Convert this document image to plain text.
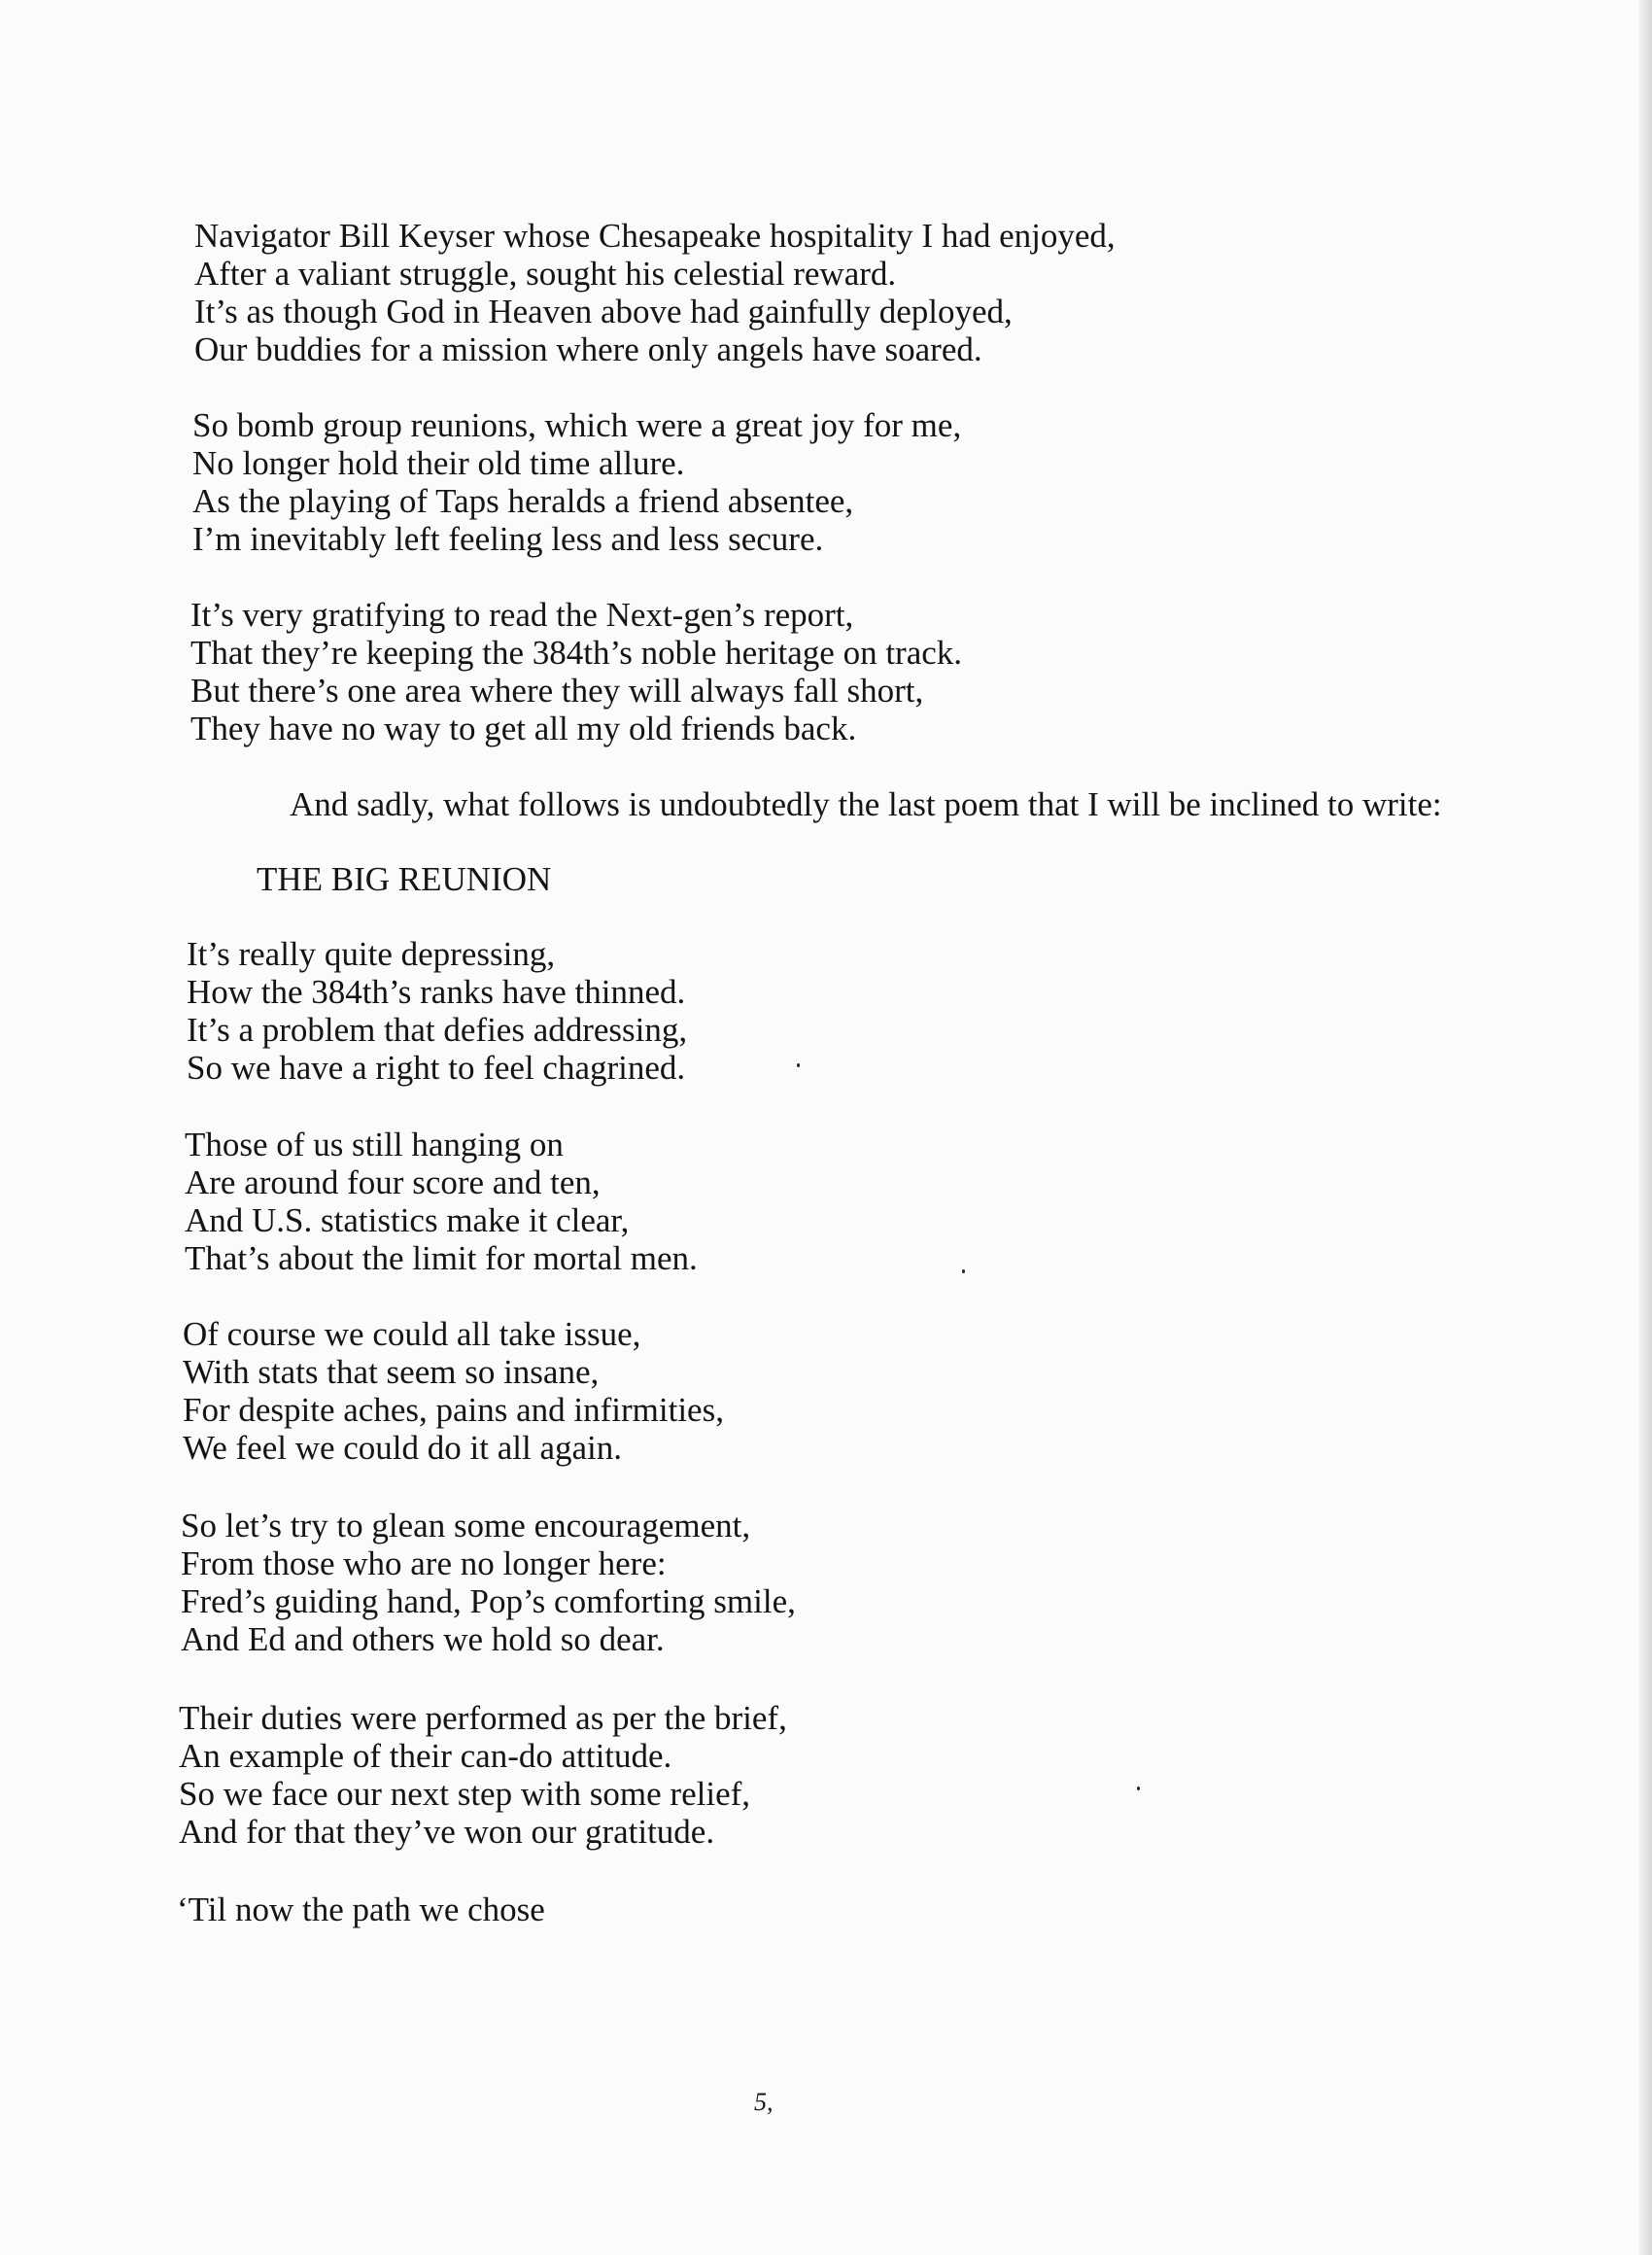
Navigator Bill Keyser whose Chesapeake hospitality I had enjoyed,
After a valiant struggle, sought his celestial reward.
It’s as though God in Heaven above had gainfully deployed,
Our buddies for a mission where only angels have soared.
So bomb group reunions, which were a great joy for me,
No longer hold their old time allure.
As the playing of Taps heralds a friend absentee,
I’m inevitably left feeling less and less secure.
It’s very gratifying to read the Next-gen’s report,
That they’re keeping the 384th’s noble heritage on track.
But there’s one area where they will always fall short,
They have no way to get all my old friends back.
And sadly, what follows is undoubtedly the last poem that I will be inclined to write:
THE BIG REUNION
It’s really quite depressing,
How the 384th’s ranks have thinned.
It’s a problem that defies addressing,
So we have a right to feel chagrined.
Those of us still hanging on
Are around four score and ten,
And U.S. statistics make it clear,
That’s about the limit for mortal men.
Of course we could all take issue,
With stats that seem so insane,
For despite aches, pains and infirmities,
We feel we could do it all again.
So let’s try to glean some encouragement,
From those who are no longer here:
Fred’s guiding hand, Pop’s comforting smile,
And Ed and others we hold so dear.
Their duties were performed as per the brief,
An example of their can-do attitude.
So we face our next step with some relief,
And for that they’ve won our gratitude.
‘Til now the path we chose
5,
